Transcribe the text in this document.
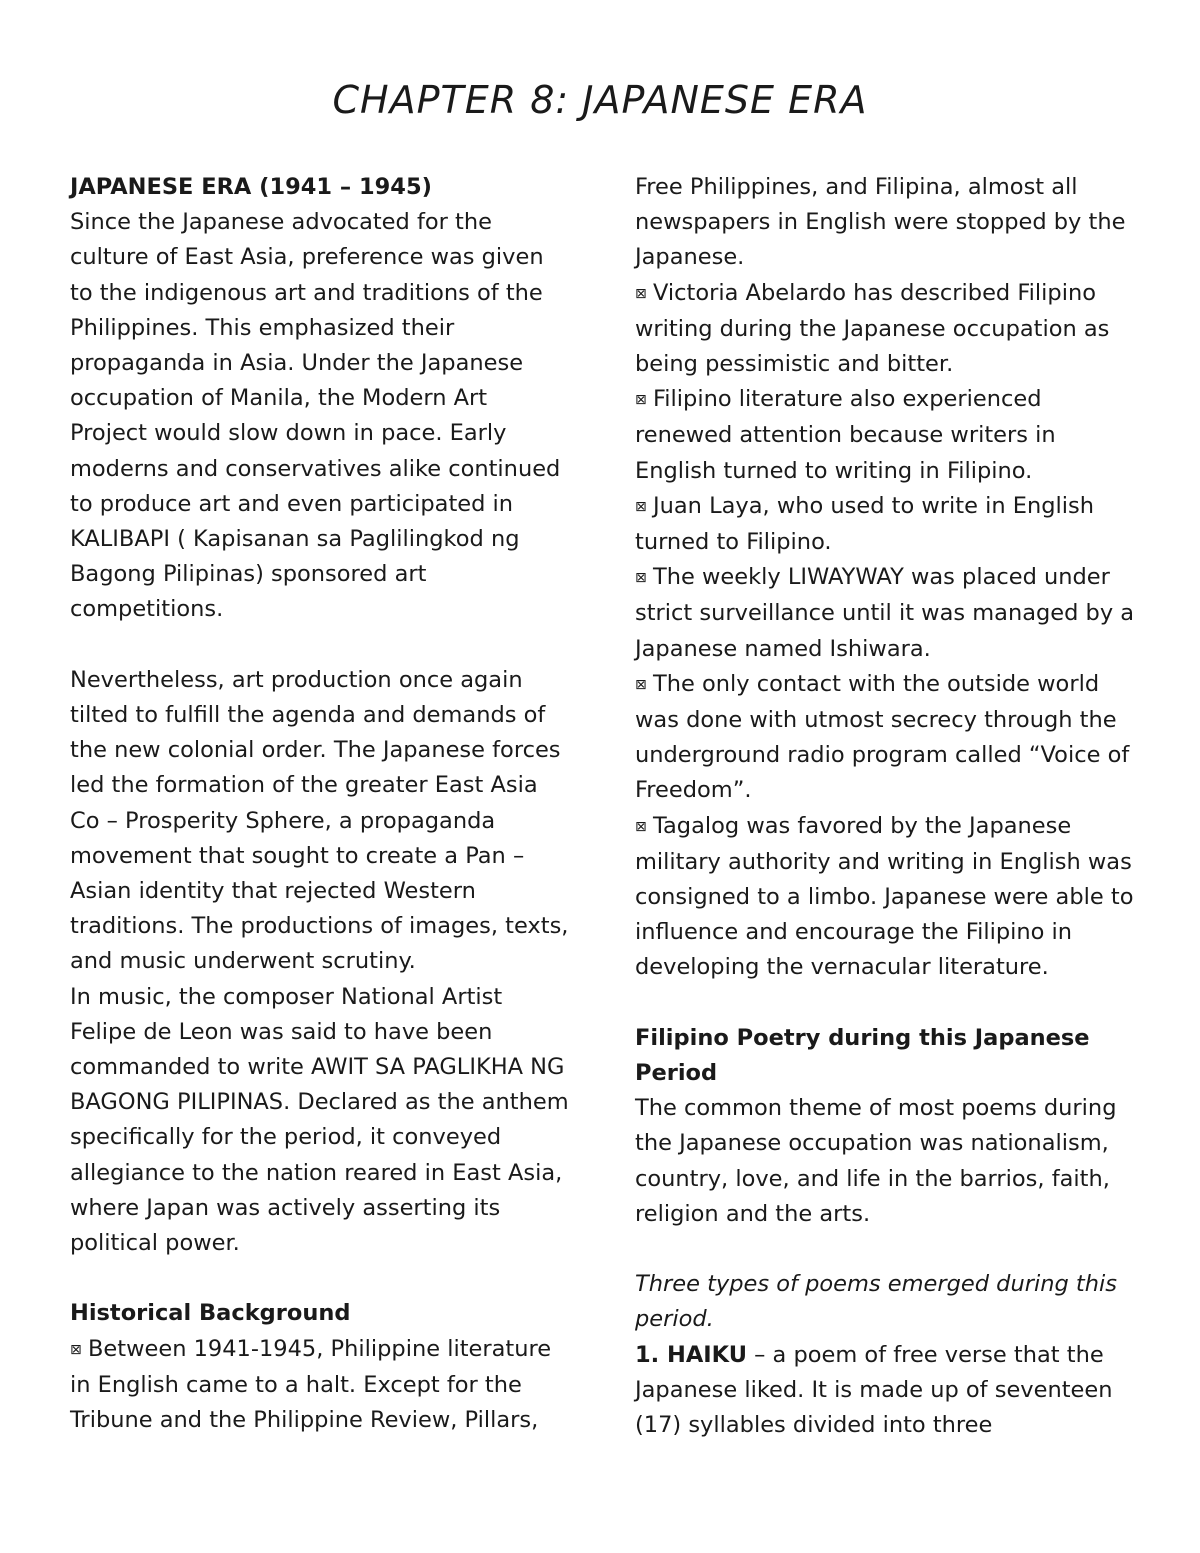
CHAPTER 8: JAPANESE ERA

JAPANESE ERA (1941 – 1945)

Since the Japanese advocated for the culture of East Asia, preference was given to the indigenous art and traditions of the Philippines. This emphasized their propaganda in Asia. Under the Japanese occupation of Manila, the Modern Art Project would slow down in pace. Early moderns and conservatives alike continued to produce art and even participated in KALIBAPI ( Kapisanan sa Paglilingkod ng Bagong Pilipinas) sponsored art competitions.

Nevertheless, art production once again tilted to fulfill the agenda and demands of the new colonial order. The Japanese forces led the formation of the greater East Asia Co – Prosperity Sphere, a propaganda movement that sought to create a Pan – Asian identity that rejected Western traditions. The productions of images, texts, and music underwent scrutiny.

In music, the composer National Artist Felipe de Leon was said to have been commanded to write AWIT SA PAGLIKHA NG BAGONG PILIPINAS. Declared as the anthem specifically for the period, it conveyed allegiance to the nation reared in East Asia, where Japan was actively asserting its political power.

Historical Background

⊠ Between 1941-1945, Philippine literature in English came to a halt. Except for the Tribune and the Philippine Review, Pillars,

Free Philippines, and Filipina, almost all newspapers in English were stopped by the Japanese.

⊠ Victoria Abelardo has described Filipino writing during the Japanese occupation as being pessimistic and bitter.

⊠ Filipino literature also experienced renewed attention because writers in English turned to writing in Filipino.

⊠ Juan Laya, who used to write in English turned to Filipino.

⊠ The weekly LIWAYWAY was placed under strict surveillance until it was managed by a Japanese named Ishiwara.

⊠ The only contact with the outside world was done with utmost secrecy through the underground radio program called “Voice of Freedom”.

⊠ Tagalog was favored by the Japanese military authority and writing in English was consigned to a limbo. Japanese were able to influence and encourage the Filipino in developing the vernacular literature.

Filipino Poetry during this Japanese Period

The common theme of most poems during the Japanese occupation was nationalism, country, love, and life in the barrios, faith, religion and the arts.

Three types of poems emerged during this period.

1. HAIKU – a poem of free verse that the Japanese liked. It is made up of seventeen (17) syllables divided into three
